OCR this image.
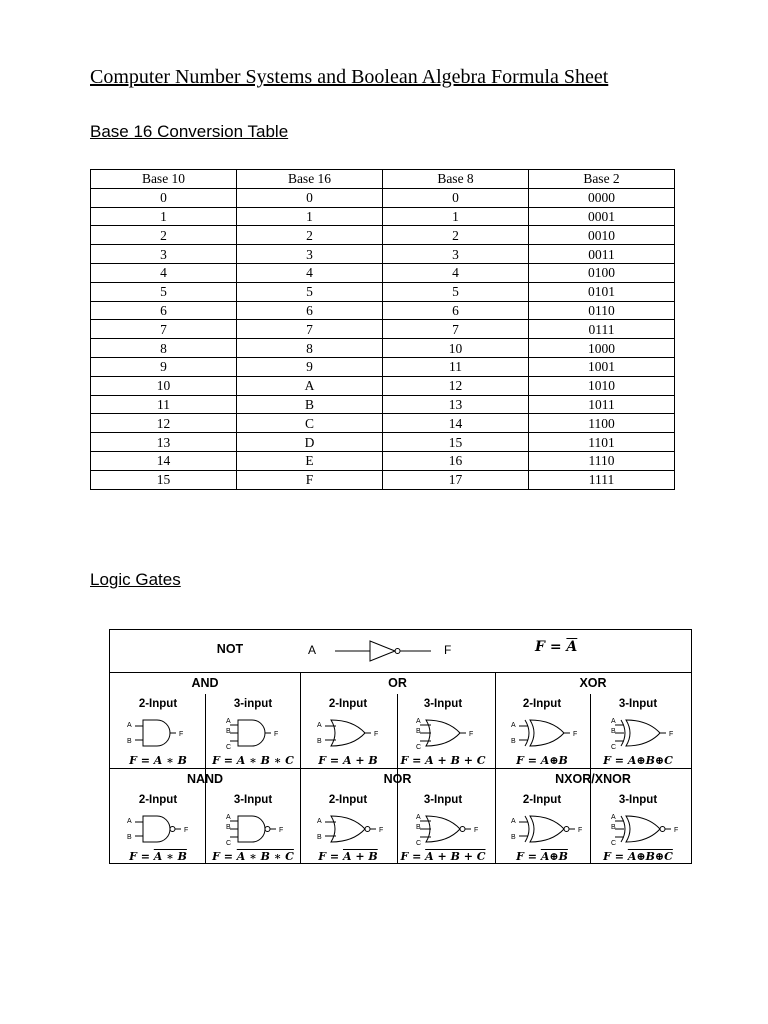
Computer Number Systems and Boolean Algebra Formula Sheet
Base 16 Conversion Table
Base 10	Base 16	Base 8	Base 2
0	0	0	0000
1	1	1	0001
2	2	2	0010
3	3	3	0011
4	4	4	0100
5	5	5	0101
6	6	6	0110
7	7	7	0111
8	8	10	1000
9	9	11	1001
10	A	12	1010
11	B	13	1011
12	C	14	1100
13	D	15	1101
14	E	16	1110
15	F	17	1111
Logic Gates
NOT	A	F	$F = \overline{A}$
AND
2-Input
A
B
F
F = A ∗ B
3-input
A
B
C
F
F = A ∗ B ∗ C
OR
2-Input
A
B
F
F = A + B
3-Input
A
B
C
F
F = A + B + C
XOR
2-Input
A
B
F
F = A⊕B
3-Input
A
B
C
F
F = A⊕B⊕C
NAND
2-Input
A
B
F
F = A ∗ B
3-Input
A
B
C
F
F = A ∗ B ∗ C
NOR
2-Input
A
B
F
F = A + B
3-Input
A
B
C
F
F = A + B + C
NXOR/XNOR
2-Input
A
B
F
F = A⊕B
3-Input
A
B
C
F
F = A⊕B⊕C
